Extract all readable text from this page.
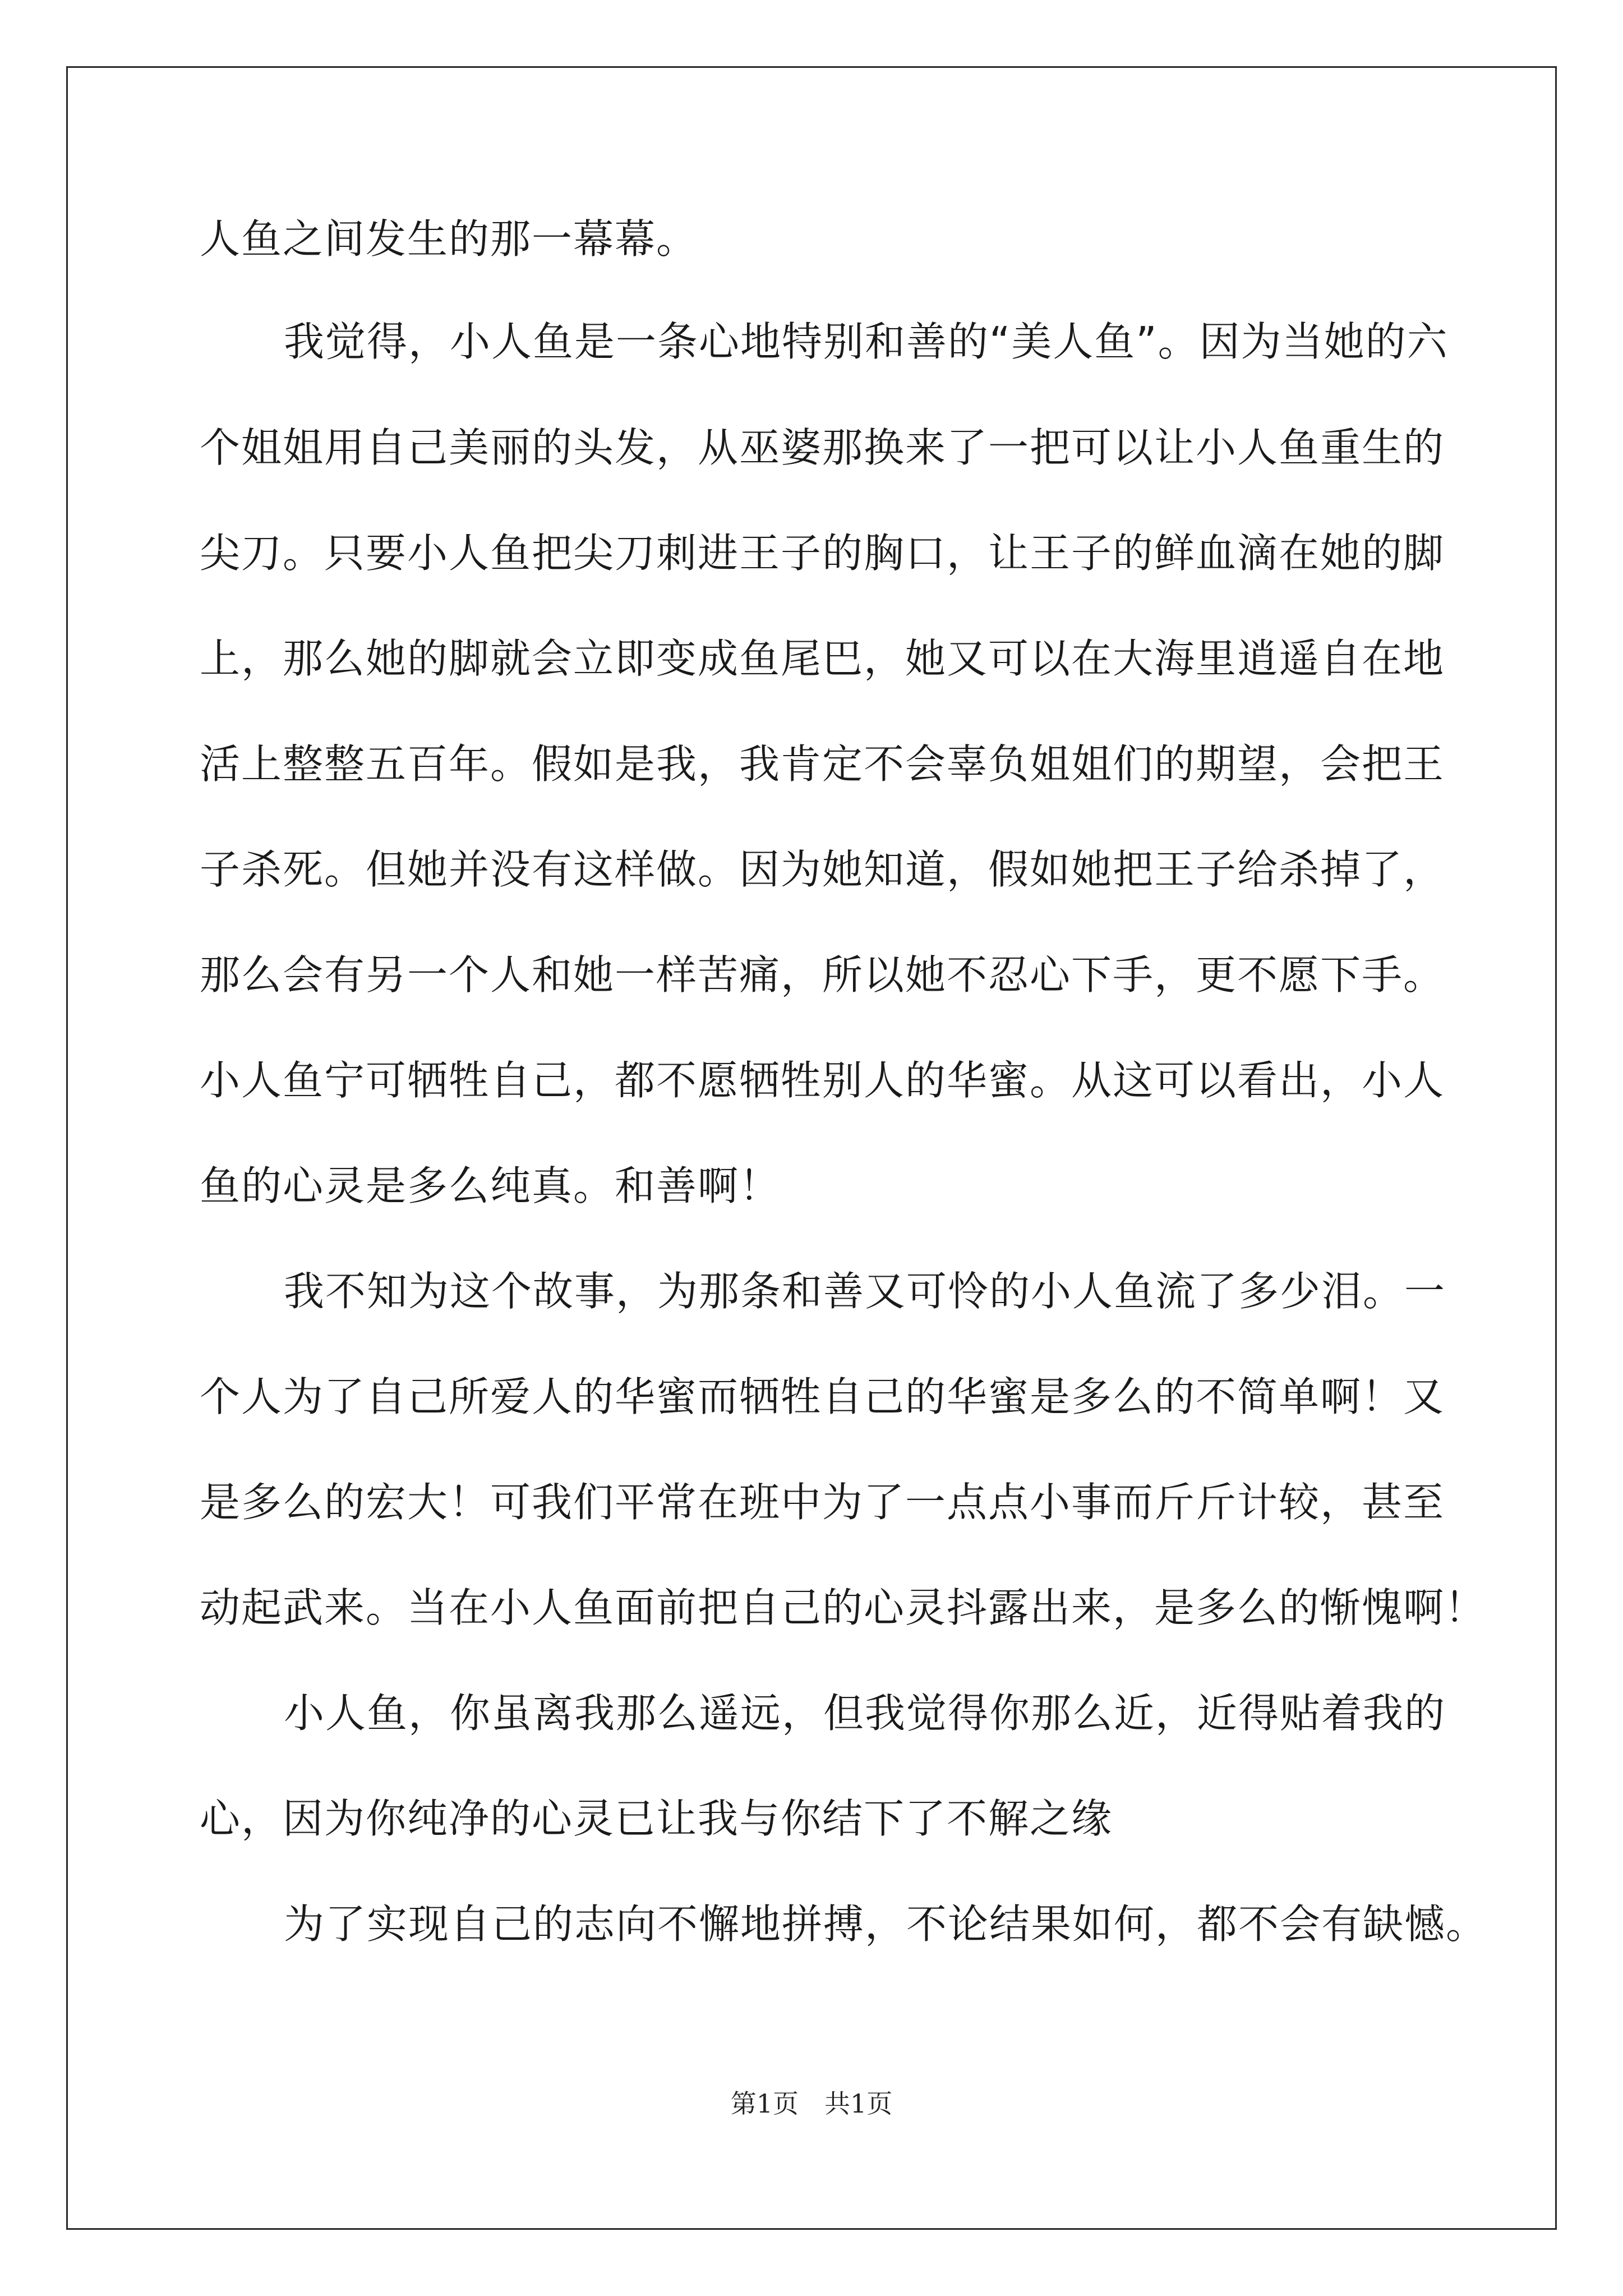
人鱼之间发生的那一幕幕。
我觉得，小人鱼是一条心地特别和善的“美人鱼”。因为当她的六
个姐姐用自己美丽的头发，从巫婆那换来了一把可以让小人鱼重生的
尖刀。只要小人鱼把尖刀刺进王子的胸口，让王子的鲜血滴在她的脚
上，那么她的脚就会立即变成鱼尾巴，她又可以在大海里逍遥自在地
活上整整五百年。假如是我，我肯定不会辜负姐姐们的期望，会把王
子杀死。但她并没有这样做。因为她知道，假如她把王子给杀掉了，
那么会有另一个人和她一样苦痛，所以她不忍心下手，更不愿下手。
小人鱼宁可牺牲自己，都不愿牺牲别人的华蜜。从这可以看出，小人
鱼的心灵是多么纯真。和善啊！
我不知为这个故事，为那条和善又可怜的小人鱼流了多少泪。一
个人为了自己所爱人的华蜜而牺牲自己的华蜜是多么的不简单啊！又
是多么的宏大！可我们平常在班中为了一点点小事而斤斤计较，甚至
动起武来。当在小人鱼面前把自己的心灵抖露出来，是多么的惭愧啊！
小人鱼，你虽离我那么遥远，但我觉得你那么近，近得贴着我的
心，因为你纯净的心灵已让我与你结下了不解之缘
为了实现自己的志向不懈地拼搏，不论结果如何，都不会有缺憾。
第1页 共1页
